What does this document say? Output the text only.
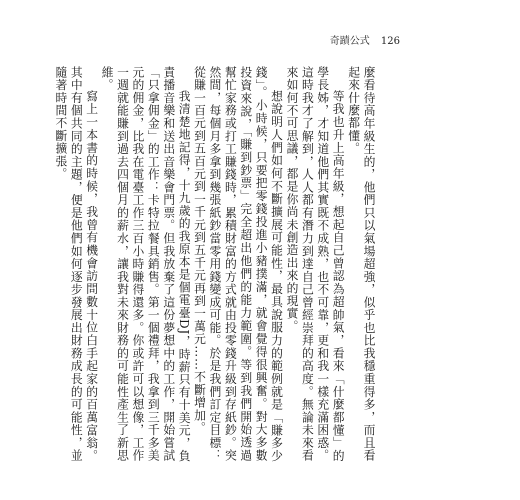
奇蹟公式 126

麼看待高年級生的，他們只以氣場超強，似乎也比我穩重得多，而且看起來什麼都懂。

等我也升上高年級，想起自己曾認為超帥氣，看來「什麼都懂」的學長姊，才知道他們其實既不成熟，也不可靠，更和我一樣充滿困惑。這時我才了解到，人人都有潛力到達自己曾經崇拜的高度。無論未來看來如何不可思議，都是你尚未創造出來的現實。

想說明人們如何不斷擴展可能性，最具說服力的範例就是「賺多少錢」。小時候，只要把零錢投進小豬撲滿，就會覺得很興奮。對大多數投資來說，「賺到鈔票」完全超出他們的能力範圍。等到我們開始透過幫忙家務或打工賺錢時，累積財富的方式就由投零錢升級到存紙鈔。突然間，每個月多拿到幾張紙鈔當零用錢變成可能。於是我們訂定目標：從賺一百元到五百元到一千元到五千元再到一萬元……不斷增加。

我清楚地記得，十九歲的我原本是個電臺DJ，時薪只有十美元，負責播音樂和送出音樂會門票。但我放棄了這份夢想中的工作，開始嘗試「只拿佣金」的工作：卡特拉餐具銷售。第一個禮拜，我拿到三千多美元的佣金，比我在電臺工作三百小時賺得還多。你或許可以想像，工作一週就能賺到過去四個月的薪水，讓我對未來財務的可能性產生了新思維。

寫上一本書的時候，我曾有機會訪問數十位白手起家的百萬富翁。其中有個共同的主題，便是他們如何逐步發展出財務成長的可能性，並隨著時間不斷擴張。
